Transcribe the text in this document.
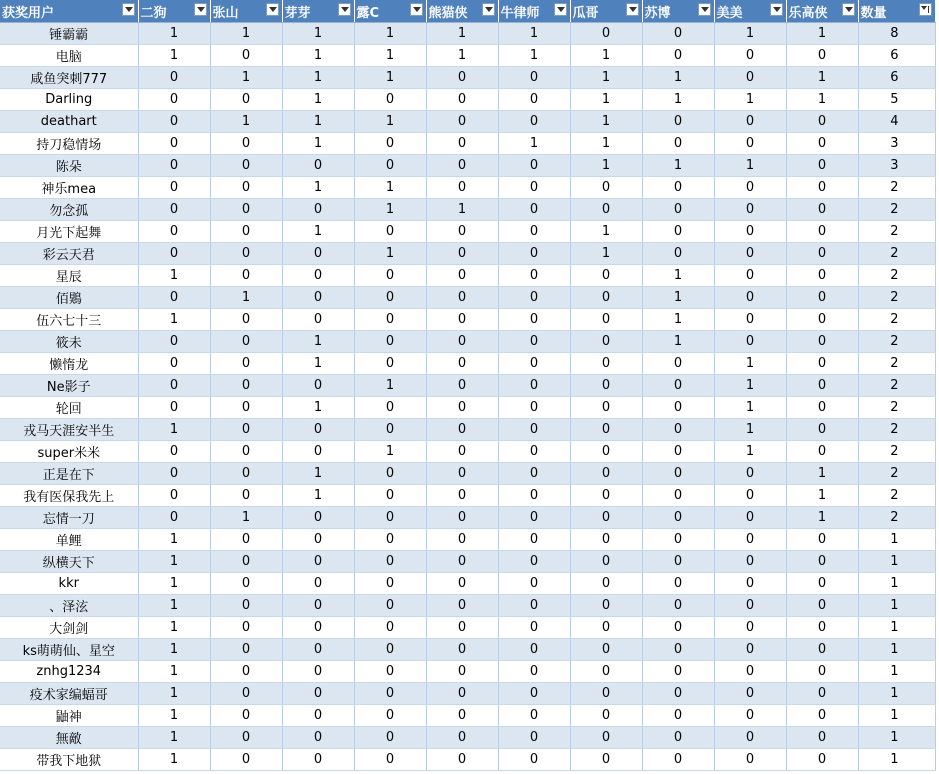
获奖用户	二狗	张山	芽芽	露C	熊猫侠	牛律师	瓜哥	苏博	美美	乐高侠	数量

锤霸霸	1	1	1	1	1	1	0	0	1	1	8
电脑	1	0	1	1	1	1	1	0	0	0	6
咸鱼突刺777	0	1	1	1	0	0	1	1	0	1	6
Darling	0	0	1	0	0	0	1	1	1	1	5
deathart	0	1	1	1	0	0	1	0	0	0	4
持刀稳情场	0	0	1	0	0	1	1	0	0	0	3
陈朵	0	0	0	0	0	0	1	1	1	0	3
神乐mea	0	0	1	1	0	0	0	0	0	0	2
勿念孤	0	0	0	1	1	0	0	0	0	0	2
月光下起舞	0	0	1	0	0	0	1	0	0	0	2
彩云天君	0	0	0	1	0	0	1	0	0	0	2
星辰	1	0	0	0	0	0	0	1	0	0	2
佰鶪	0	1	0	0	0	0	0	1	0	0	2
伍六七十三	1	0	0	0	0	0	0	1	0	0	2
筱未	0	0	1	0	0	0	0	1	0	0	2
懒惰龙	0	0	1	0	0	0	0	0	1	0	2
Ne影子	0	0	0	1	0	0	0	0	1	0	2
轮回	0	0	1	0	0	0	0	0	1	0	2
戎马天涯安半生	1	0	0	0	0	0	0	0	1	0	2
super米米	0	0	0	1	0	0	0	0	1	0	2
正是在下	0	0	1	0	0	0	0	0	0	1	2
我有医保我先上	0	0	1	0	0	0	0	0	0	1	2
忘情一刀	0	1	0	0	0	0	0	0	0	1	2
单鲤	1	0	0	0	0	0	0	0	0	0	1
纵横天下	1	0	0	0	0	0	0	0	0	0	1
kkr	1	0	0	0	0	0	0	0	0	0	1
、泽泫	1	0	0	0	0	0	0	0	0	0	1
大剑剑	1	0	0	0	0	0	0	0	0	0	1
ks萌萌仙、星空	1	0	0	0	0	0	0	0	0	0	1
znhg1234	1	0	0	0	0	0	0	0	0	0	1
疫术家编蝠哥	1	0	0	0	0	0	0	0	0	0	1
鼬神	1	0	0	0	0	0	0	0	0	0	1
無敵	1	0	0	0	0	0	0	0	0	0	1
带我下地狱	1	0	0	0	0	0	0	0	0	0	1
